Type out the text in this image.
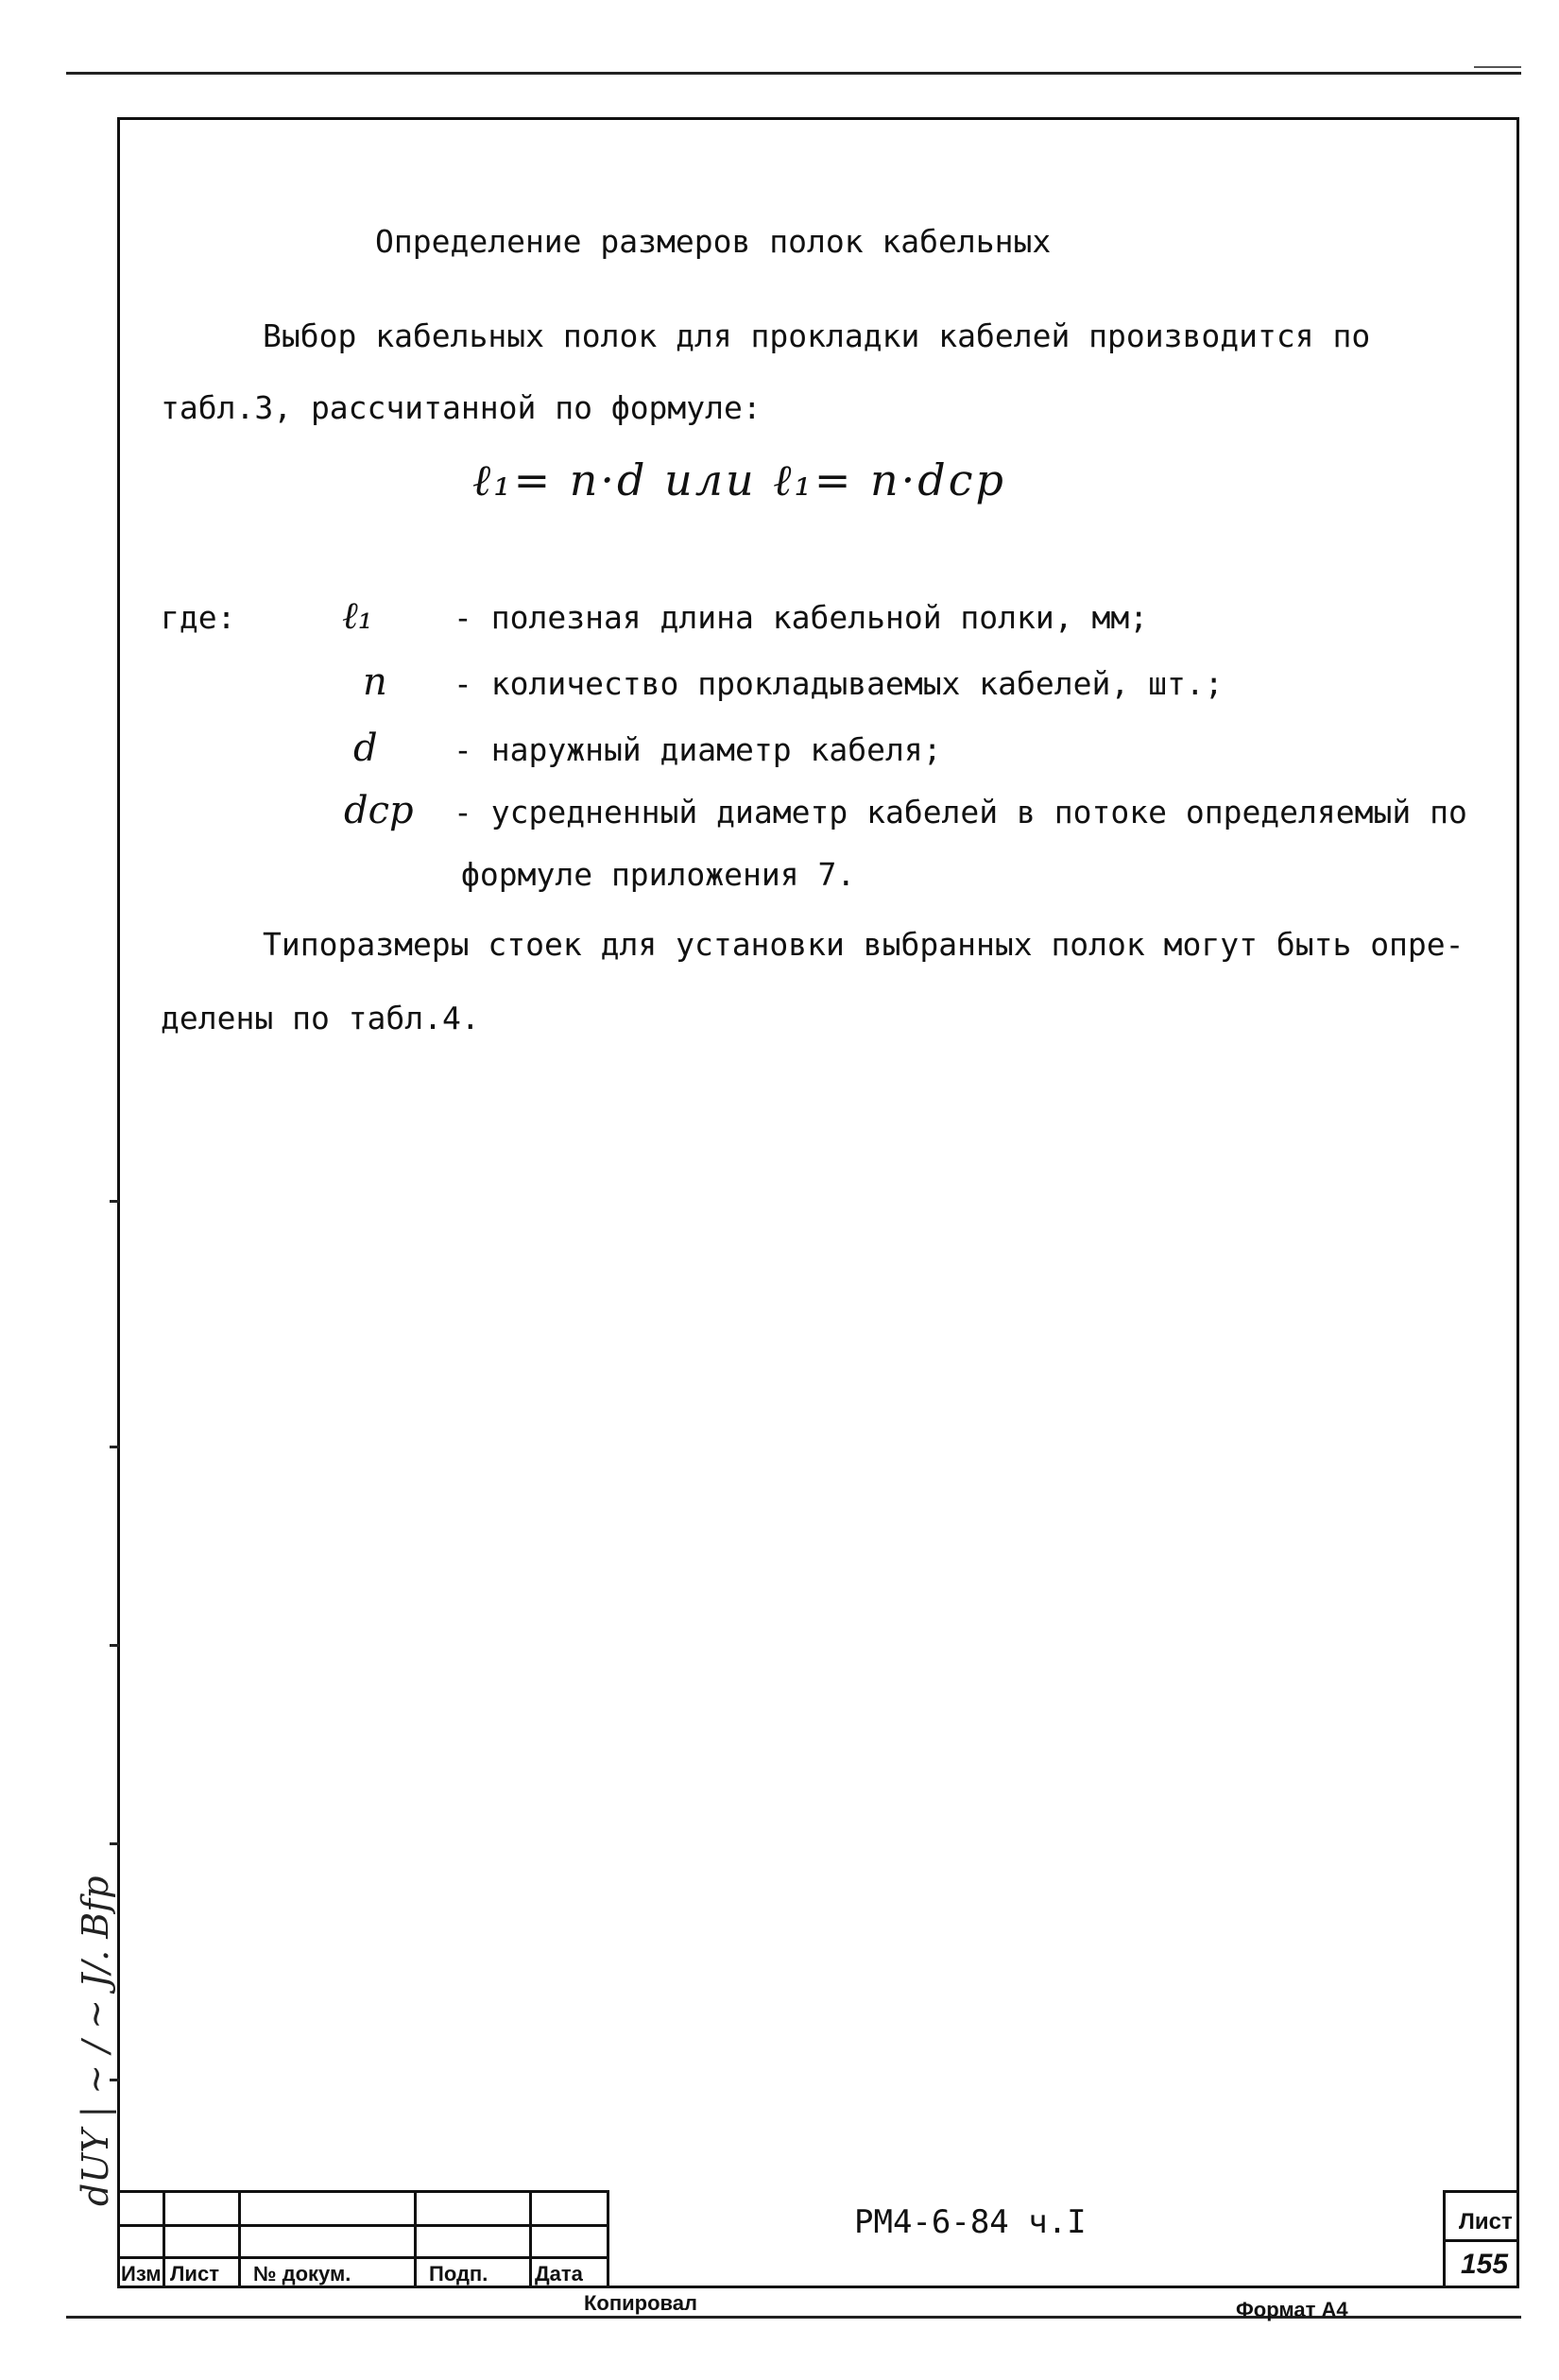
Определение размеров полок кабельных
Выбор кабельных полок для прокладки кабелей производится по
табл.3, рассчитанной по формуле:
ℓ₁= n·d или ℓ₁= n·dср
где:	ℓ₁	- полезная длина кабельной полки, мм;
n - количество прокладываемых кабелей, шт.;
d - наружный диаметр кабеля;
dср - усредненный диаметр кабелей в потоке определяемый по
формуле приложения 7.
Типоразмеры стоек для установки выбранных полок могут быть опре-
делены по табл.4.
dUY | ~ / ~ J/. Bfp
Изм Лист № докум.	Подп. Дата
РМ4-6-84 ч.I	Лист
155
Копировал	Формат А4
